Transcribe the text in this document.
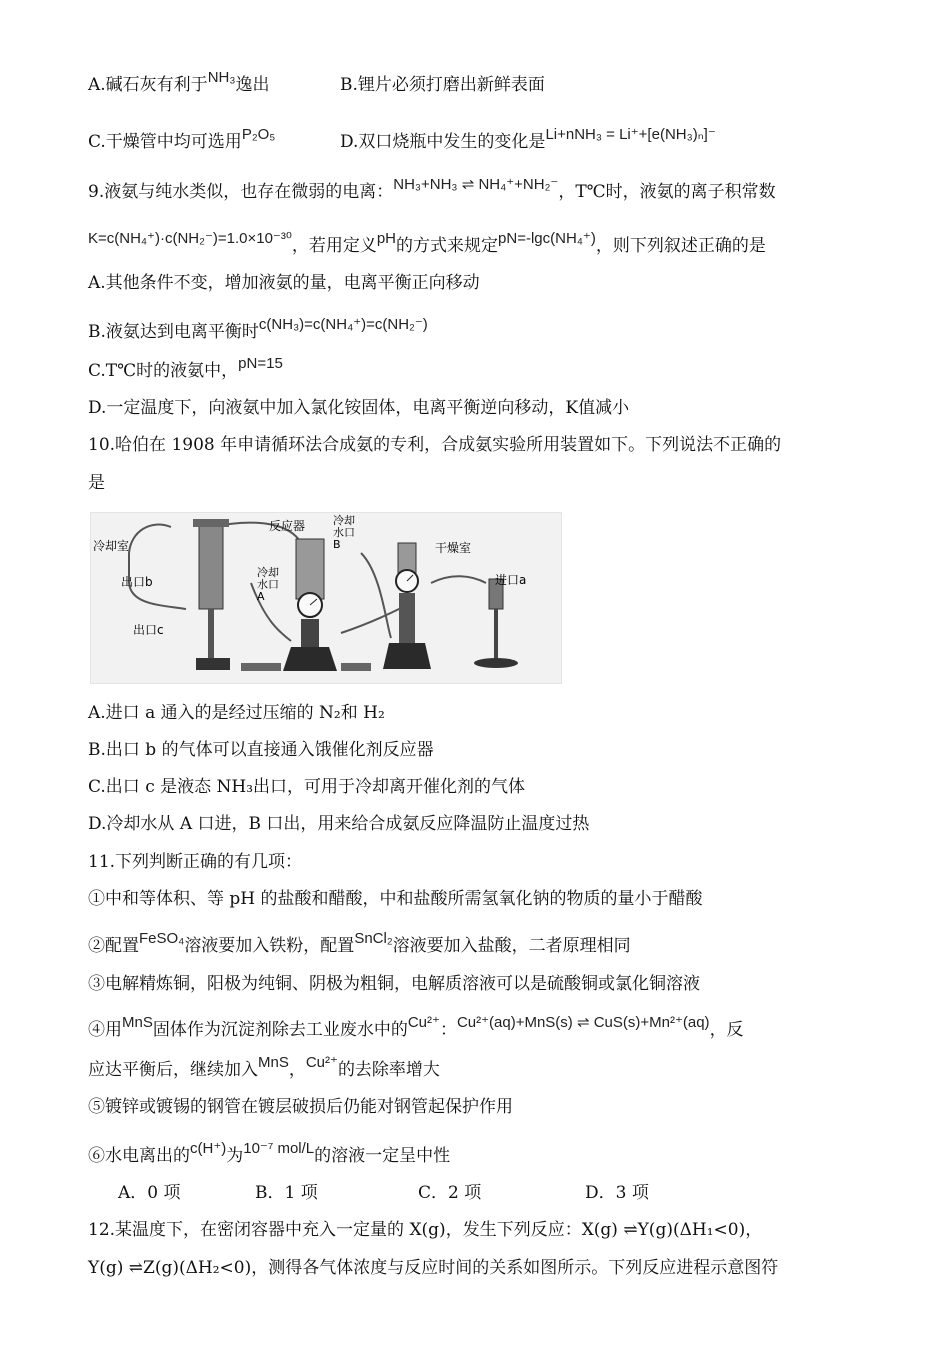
A.碱石灰有利于NH₃逸出	B.锂片必须打磨出新鲜表面
C.干燥管中均可选用P₂O₅	D.双口烧瓶中发生的变化是Li+nNH₃ = Li⁺+[e(NH₃)ₙ]⁻
9.液氨与纯水类似，也存在微弱的电离：NH₃+NH₃ ⇌ NH₄⁺+NH₂⁻，T℃时，液氨的离子积常数
K=c(NH₄⁺)·c(NH₂⁻)=1.0×10⁻³⁰，若用定义pH的方式来规定pN=-lgc(NH₄⁺)，则下列叙述正确的是
A.其他条件不变，增加液氨的量，电离平衡正向移动
B.液氨达到电离平衡时c(NH₃)=c(NH₄⁺)=c(NH₂⁻)
C.T℃时的液氨中，pN=15
D.一定温度下，向液氨中加入氯化铵固体，电离平衡逆向移动，K值减小
10.哈伯在 1908 年申请循环法合成氨的专利，合成氨实验所用装置如下。下列说法不正确的
是
冷却室
出口b
出口c
反应器	冷却
水口
B
冷却
水口
A
干燥室
进口a
A.进口 a 通入的是经过压缩的 N₂和 H₂
B.出口 b 的气体可以直接通入饿催化剂反应器
C.出口 c 是液态 NH₃出口，可用于冷却离开催化剂的气体
D.冷却水从 A 口进，B 口出，用来给合成氨反应降温防止温度过热
11.下列判断正确的有几项：
①中和等体积、等 pH 的盐酸和醋酸，中和盐酸所需氢氧化钠的物质的量小于醋酸
②配置FeSO₄溶液要加入铁粉，配置SnCl₂溶液要加入盐酸，二者原理相同
③电解精炼铜，阳极为纯铜、阴极为粗铜，电解质溶液可以是硫酸铜或氯化铜溶液
④用MnS固体作为沉淀剂除去工业废水中的Cu²⁺：Cu²⁺(aq)+MnS(s) ⇌ CuS(s)+Mn²⁺(aq)，反
应达平衡后，继续加入MnS，Cu²⁺的去除率增大
⑤镀锌或镀锡的钢管在镀层破损后仍能对钢管起保护作用
⑥水电离出的c(H⁺)为10⁻⁷ mol/L的溶液一定呈中性
A．0 项	B．1 项	C．2 项	D．3 项
12.某温度下，在密闭容器中充入一定量的 X(g)，发生下列反应：X(g) ⇌Y(g)(ΔH₁<0)，
Y(g) ⇌Z(g)(ΔH₂<0)，测得各气体浓度与反应时间的关系如图所示。下列反应进程示意图符
